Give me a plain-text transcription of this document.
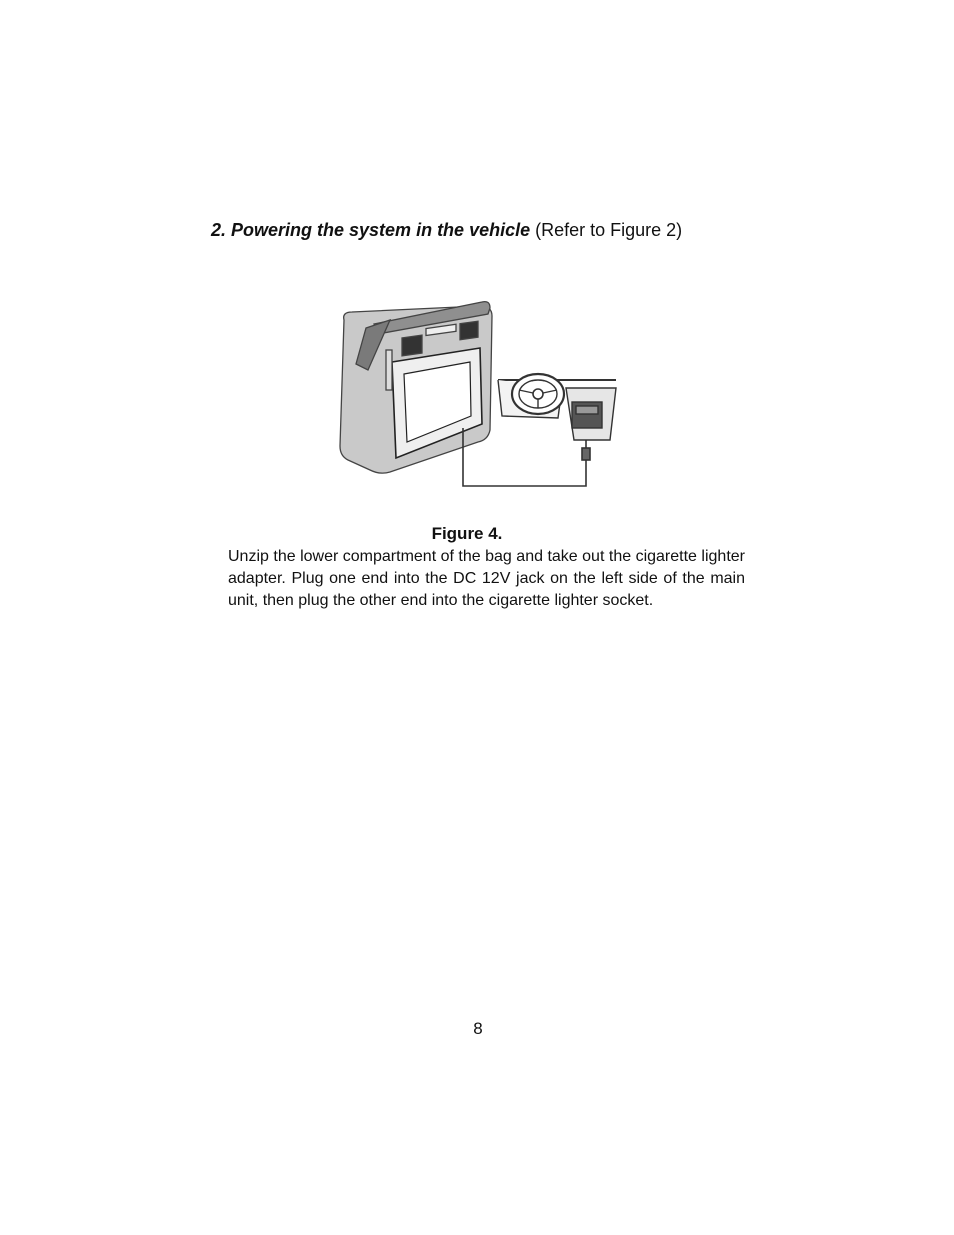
2. Powering the system in the vehicle (Refer to Figure 2)
Figure 4.
Unzip the lower compartment of the bag and take out the cigarette lighter adapter. Plug one end into the DC 12V jack on the left side of the main unit, then plug the other end into the cigarette lighter socket.
8
